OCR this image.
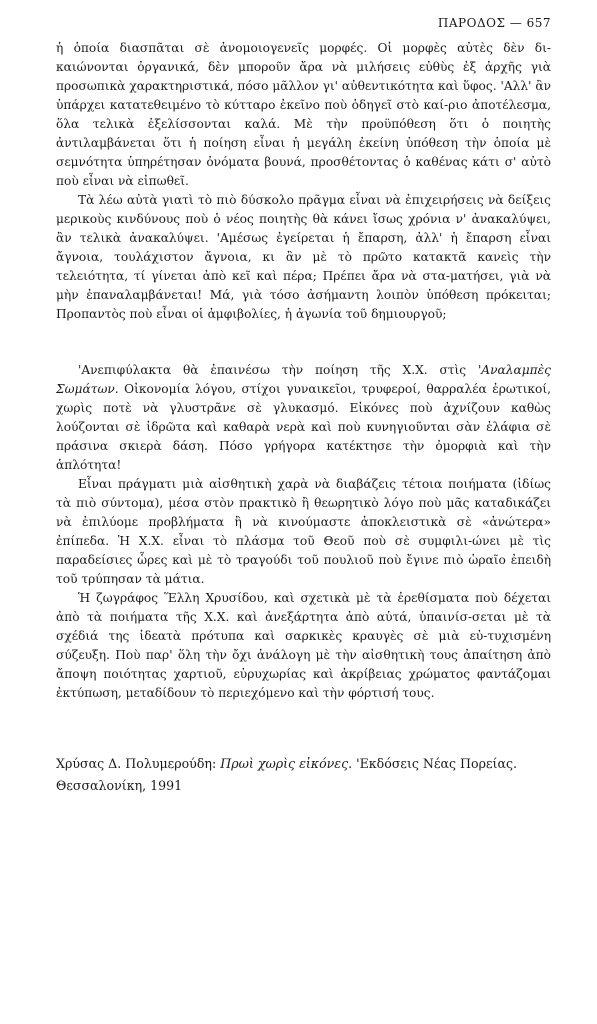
ΠΑΡΟΔΟΣ — 657

ἡ ὁποία διασπᾶται σὲ ἀνομοιογενεῖς μορφές. Οἱ μορφὲς αὐτὲς δὲν δι-καιώνονται ὀργανικά, δὲν μποροῦν ἄρα νὰ μιλήσεις εὐθὺς ἐξ ἀρχῆς γιὰ προσωπικὰ χαρακτηριστικά, πόσο μᾶλλον γι' αὐθεντικότητα καὶ ὕφος. 'Αλλ' ἂν ὑπάρχει κατατεθειμένο τὸ κύτταρο ἐκεῖνο ποὺ ὁδηγεῖ στὸ καί-ριο ἀποτέλεσμα, ὅλα τελικὰ ἐξελίσσονται καλά. Μὲ τὴν προϋπόθεση ὅτι ὁ ποιητὴς ἀντιλαμβάνεται ὅτι ἡ ποίηση εἶναι ἡ μεγάλη ἐκείνη ὑπόθεση τὴν ὁποία μὲ σεμνότητα ὑπηρέτησαν ὀνόματα βουνά, προσθέτοντας ὁ καθένας κάτι σ' αὐτὸ ποὺ εἶναι νὰ εἰπωθεῖ.

Τὰ λέω αὐτὰ γιατὶ τὸ πιὸ δύσκολο πρᾶγμα εἶναι νὰ ἐπιχειρήσεις νὰ δείξεις μερικοὺς κινδύνους ποὺ ὁ νέος ποιητὴς θὰ κάνει ἴσως χρόνια ν' ἀνακαλύψει, ἂν τελικὰ ἀνακαλύψει. 'Αμέσως ἐγείρεται ἡ ἔπαρση, ἀλλ' ἡ ἔπαρση εἶναι ἄγνοια, τουλάχιστον ἄγνοια, κι ἂν μὲ τὸ πρῶτο κατακτᾶ κανεὶς τὴν τελειότητα, τί γίνεται ἀπὸ κεῖ καὶ πέρα; Πρέπει ἄρα νὰ στα-ματήσει, γιὰ νὰ μὴν ἐπαναλαμβάνεται! Μά, γιὰ τόσο ἀσήμαντη λοιπὸν ὑπόθεση πρόκειται; Προπαντὸς ποὺ εἶναι οἱ ἀμφιβολίες, ἡ ἀγωνία τοῦ δημιουργοῦ;

'Ανεπιφύλακτα θὰ ἐπαινέσω τὴν ποίηση τῆς Χ.Χ. στὶς 'Αναλαμπὲς Σωμάτων. Οἰκονομία λόγου, στίχοι γυναικεῖοι, τρυφεροί, θαρραλέα ἐρωτικοί, χωρὶς ποτὲ νὰ γλυστρᾶνε σὲ γλυκασμό. Εἰκόνες ποὺ ἀχνίζουν καθὼς λούζονται σὲ ἱδρῶτα καὶ καθαρὰ νερὰ καὶ ποὺ κυνηγιοῦνται σὰν ἐλάφια σὲ πράσινα σκιερὰ δάση. Πόσο γρήγορα κατέκτησε τὴν ὀμορφιὰ καὶ τὴν ἁπλότητα!

Εἶναι πράγματι μιὰ αἰσθητικὴ χαρὰ νὰ διαβάζεις τέτοια ποιήματα (ἰδίως τὰ πιὸ σύντομα), μέσα στὸν πρακτικὸ ἢ θεωρητικὸ λόγο ποὺ μᾶς καταδικάζει νὰ ἐπιλύομε προβλήματα ἢ νὰ κινούμαστε ἀποκλειστικὰ σὲ «ἀνώτερα» ἐπίπεδα. Ἡ Χ.Χ. εἶναι τὸ πλάσμα τοῦ Θεοῦ ποὺ σὲ συμφιλι-ώνει μὲ τὶς παραδείσιες ὧρες καὶ μὲ τὸ τραγούδι τοῦ πουλιοῦ ποὺ ἔγινε πιὸ ὡραῖο ἐπειδὴ τοῦ τρύπησαν τὰ μάτια.

Ἡ ζωγράφος Ἕλλη Χρυσίδου, καὶ σχετικὰ μὲ τὰ ἐρεθίσματα ποὺ δέχεται ἀπὸ τὰ ποιήματα τῆς Χ.Χ. καὶ ἀνεξάρτητα ἀπὸ αὐτά, ὑπαινίσ-σεται μὲ τὰ σχέδιά της ἰδεατὰ πρότυπα καὶ σαρκικὲς κραυγὲς σὲ μιὰ εὐ-τυχισμένη σύζευξη. Ποὺ παρ' ὅλη τὴν ὄχι ἀνάλογη μὲ τὴν αἰσθητικὴ τους ἀπαίτηση ἀπὸ ἄποψη ποιότητας χαρτιοῦ, εὐρυχωρίας καὶ ἀκρίβειας χρώματος φαντάζομαι ἐκτύπωση, μεταδίδουν τὸ περιεχόμενο καὶ τὴν φόρτισή τους.

Χρύσας Δ. Πολυμερούδη: Πρωὶ χωρὶς εἰκόνες. 'Εκδόσεις Νέας Πορείας.
Θεσσαλονίκη, 1991
